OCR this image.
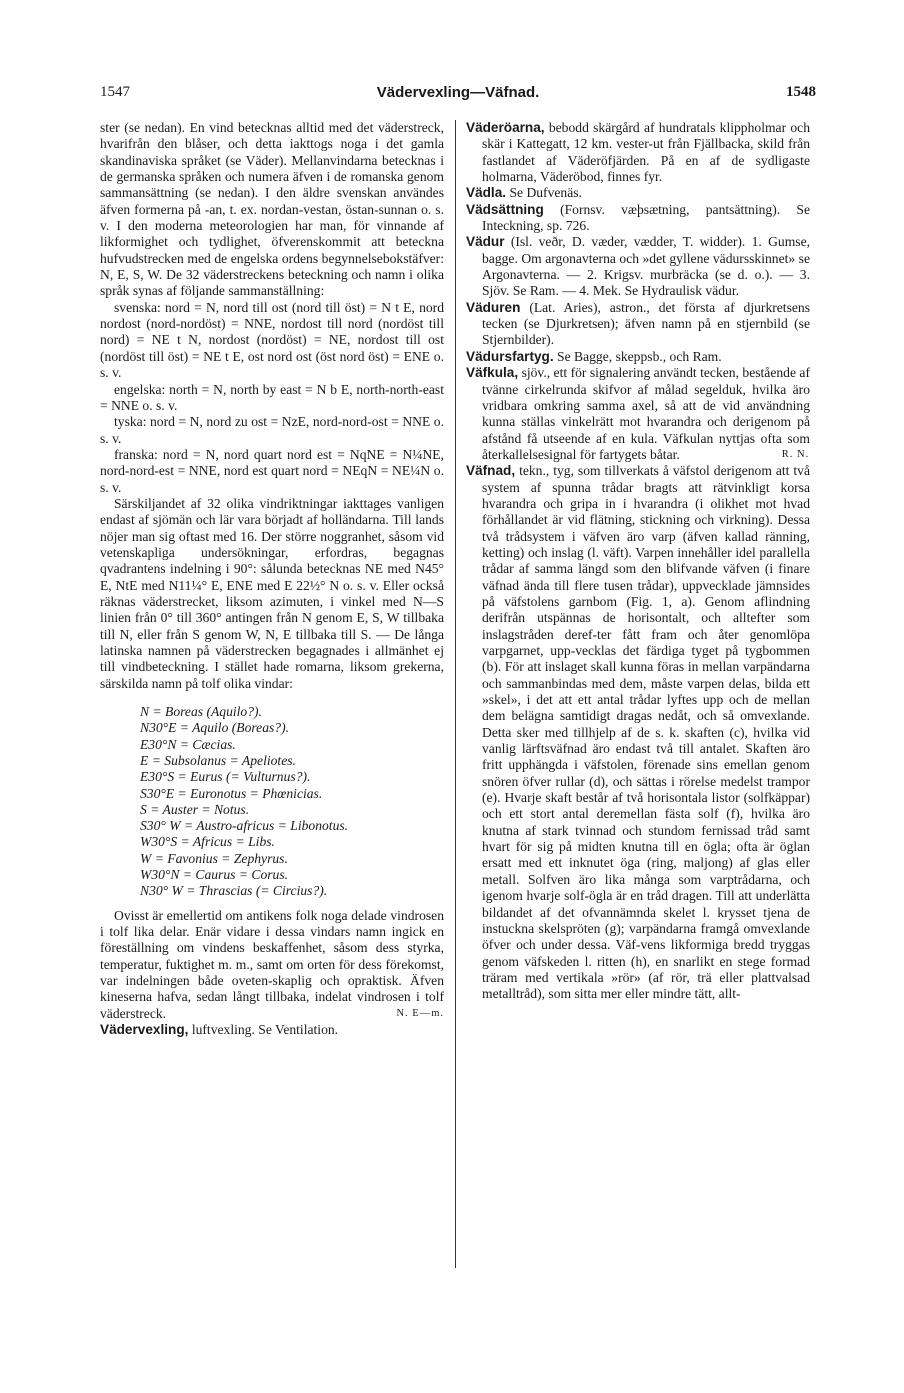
1547	Vädervexling—Väfnad.	1548

ster (se nedan). En vind betecknas alltid med det väderstreck, hvarifrån den blåser, och detta iakttogs noga i det gamla skandinaviska språket (se Väder). Mellanvindarna betecknas i de germanska språken och numera äfven i de romanska genom sammansättning (se nedan). I den äldre svenskan användes äfven formerna på -an, t. ex. nordan-vestan, östan-sunnan o. s. v. I den moderna meteorologien har man, för vinnande af likformighet och tydlighet, öfverenskommit att beteckna hufvudstrecken med de engelska ordens begynnelsebokstäfver: N, E, S, W. De 32 väderstreckens beteckning och namn i olika språk synas af följande sammanställning:

svenska: nord = N, nord till ost (nord till öst) = N t E, nord nordost (nord-nordöst) = NNE, nordost till nord (nordöst till nord) = NE t N, nordost (nordöst) = NE, nordost till ost (nordöst till öst) = NE t E, ost nord ost (öst nord öst) = ENE o. s. v.

engelska: north = N, north by east = N b E, north-north-east = NNE o. s. v.

tyska: nord = N, nord zu ost = NzE, nord-nord-ost = NNE o. s. v.

franska: nord = N, nord quart nord est = NqNE = N¼NE, nord-nord-est = NNE, nord est quart nord = NEqN = NE¼N o. s. v.

Särskiljandet af 32 olika vindriktningar iakttages vanligen endast af sjömän och lär vara börjadt af holländarna. Till lands nöjer man sig oftast med 16. Der större noggranhet, såsom vid vetenskapliga undersökningar, erfordras, begagnas qvadrantens indelning i 90°: sålunda betecknas NE med N45° E, NtE med N11¼° E, ENE med E 22½° N o. s. v. Eller också räknas väderstrecket, liksom azimuten, i vinkel med N—S linien från 0° till 360° antingen från N genom E, S, W tillbaka till N, eller från S genom W, N, E tillbaka till S. — De långa latinska namnen på väderstrecken begagnades i allmänhet ej till vindbeteckning. I stället hade romarna, liksom grekerna, särskilda namn på tolf olika vindar:

N = Boreas (Aquilo?).
N30°E = Aquilo (Boreas?).
E30°N = Cæcias.
E = Subsolanus = Apeliotes.
E30°S = Eurus (= Vulturnus?).
S30°E = Euronotus = Phœnicias.
S = Auster = Notus.
S30° W = Austro-africus = Libonotus.
W30°S = Africus = Libs.
W = Favonius = Zephyrus.
W30°N = Caurus = Corus.
N30° W = Thrascias (= Circius?).

Ovisst är emellertid om antikens folk noga delade vindrosen i tolf lika delar. Enär vidare i dessa vindars namn ingick en föreställning om vindens beskaffenhet, såsom dess styrka, temperatur, fuktighet m. m., samt om orten för dess förekomst, var indelningen både oveten-skaplig och opraktisk. Äfven kineserna hafva, sedan långt tillbaka, indelat vindrosen i tolf väderstreck.	N. E—m.

Vädervexling, luftvexling. Se Ventilation.

Väderöarna, bebodd skärgård af hundratals klippholmar och skär i Kattegatt, 12 km. vester-ut från Fjällbacka, skild från fastlandet af Väderöfjärden. På en af de sydligaste holmarna, Väderöbod, finnes fyr.

Vädla. Se Dufvenäs.

Vädsättning (Fornsv. væþsætning, pantsättning). Se Inteckning, sp. 726.

Vädur (Isl. veðr, D. væder, vædder, T. widder). 1. Gumse, bagge. Om argonavterna och »det gyllene vädursskinnet» se Argonavterna. — 2. Krigsv. murbräcka (se d. o.). — 3. Sjöv. Se Ram. — 4. Mek. Se Hydraulisk vädur.

Väduren (Lat. Aries), astron., det första af djurkretsens tecken (se Djurkretsen); äfven namn på en stjernbild (se Stjernbilder).

Vädursfartyg. Se Bagge, skeppsb., och Ram.

Väfkula, sjöv., ett för signalering användt tecken, bestående af tvänne cirkelrunda skifvor af målad segelduk, hvilka äro vridbara omkring samma axel, så att de vid användning kunna ställas vinkelrätt mot hvarandra och derigenom på afstånd få utseende af en kula. Väfkulan nyttjas ofta som återkallelsesignal för fartygets båtar.	R. N.

Väfnad, tekn., tyg, som tillverkats å väfstol derigenom att två system af spunna trådar bragts att rätvinkligt korsa hvarandra och gripa in i hvarandra (i olikhet mot hvad förhållandet är vid flätning, stickning och virkning). Dessa två trådsystem i väfven äro varp (äfven kallad ränning, ketting) och inslag (l. väft). Varpen innehåller idel parallella trådar af samma längd som den blifvande väfven (i finare väfnad ända till flere tusen trådar), uppvecklade jämnsides på väfstolens garnbom (Fig. 1, a). Genom aflindning derifrån utspännas de horisontalt, och alltefter som inslagstråden deref-ter fått fram och åter genomlöpa varpgarnet, upp-vecklas det färdiga tyget på tygbommen (b). För att inslaget skall kunna föras in mellan varpändarna och sammanbindas med dem, måste varpen delas, bilda ett »skel», i det att ett antal trådar lyftes upp och de mellan dem belägna samtidigt dragas nedåt, och så omvexlande. Detta sker med tillhjelp af de s. k. skaften (c), hvilka vid vanlig lärftsväfnad äro endast två till antalet. Skaften äro fritt upphängda i väfstolen, förenade sins emellan genom snören öfver rullar (d), och sättas i rörelse medelst trampor (e). Hvarje skaft består af två horisontala listor (solfkäppar) och ett stort antal deremellan fästa solf (f), hvilka äro knutna af stark tvinnad och stundom fernissad tråd samt hvart för sig på midten knutna till en ögla; ofta är öglan ersatt med ett inknutet öga (ring, maljong) af glas eller metall. Solfven äro lika många som varptrådarna, och igenom hvarje solf-ögla är en tråd dragen. Till att underlätta bildandet af det ofvannämnda skelet l. krysset tjena de instuckna skelspröten (g); varpändarna framgå omvexlande öfver och under dessa. Väf-vens likformiga bredd tryggas genom väfskeden l. ritten (h), en snarlikt en stege formad träram med vertikala »rör» (af rör, trä eller plattvalsad metalltråd), som sitta mer eller mindre tätt, allt-
